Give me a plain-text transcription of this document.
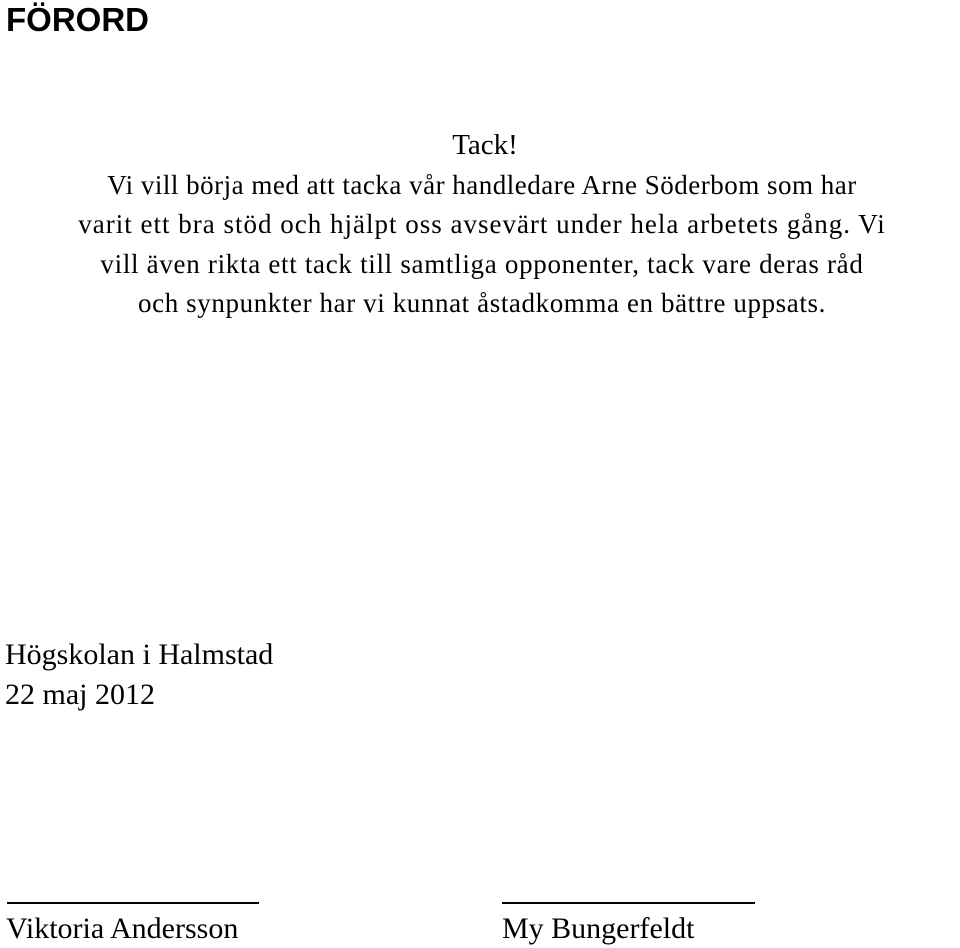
FÖRORD
Tack!
Vi vill börja med att tacka vår handledare Arne Söderbom som har
varit ett bra stöd och hjälpt oss avsevärt under hela arbetets gång. Vi
vill även rikta ett tack till samtliga opponenter, tack vare deras råd
och synpunkter har vi kunnat åstadkomma en bättre uppsats.
Högskolan i Halmstad
22 maj 2012
Viktoria Andersson	My Bungerfeldt
